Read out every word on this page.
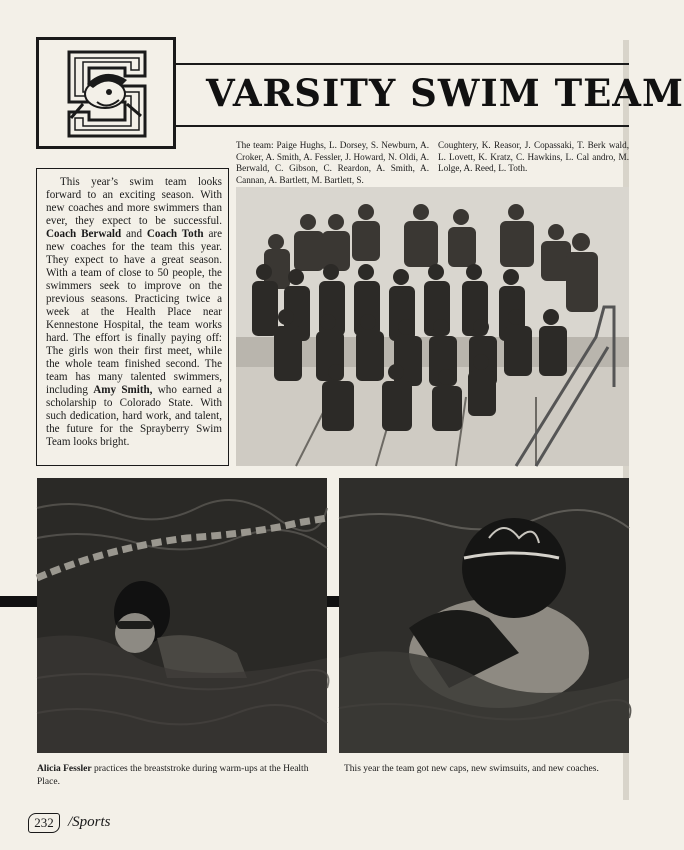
VARSITY SWIM TEAM
The team: Paige Hughs, L. Dorsey, S. Newburn, A. Croker, A. Smith, A. Fessler, J. Howard, N. Oldi, A. Berwald, C. Gibson, C. Reardon, A. Smith, A. Cannan, A. Bartlett, M. Bartlett, S.
Coughtery, K. Reasor, J. Copassaki, T. Berk wald, L. Lovett, K. Kratz, C. Hawkins, L. Cal andro, M. Lolge, A. Reed, L. Toth.

This year’s swim team looks forward to an exciting season. With new coaches and more swimmers than ever, they expect to be successful. Coach Berwald and Coach Toth are new coaches for the team this year. They expect to have a great season. With a team of close to 50 people, the swimmers seek to improve on the previous seasons. Practicing twice a week at the Health Place near Kennestone Hospital, the team works hard. The effort is finally paying off: The girls won their first meet, while the whole team finished second. The team has many talented swimmers, including Amy Smith, who earned a scholarship to Colorado State. With such dedication, hard work, and talent, the future for the Sprayberry Swim Team looks bright.

Alicia Fessler practices the breaststroke during warm-ups at the Health Place.
This year the team got new caps, new swimsuits, and new coaches.
232 /Sports
